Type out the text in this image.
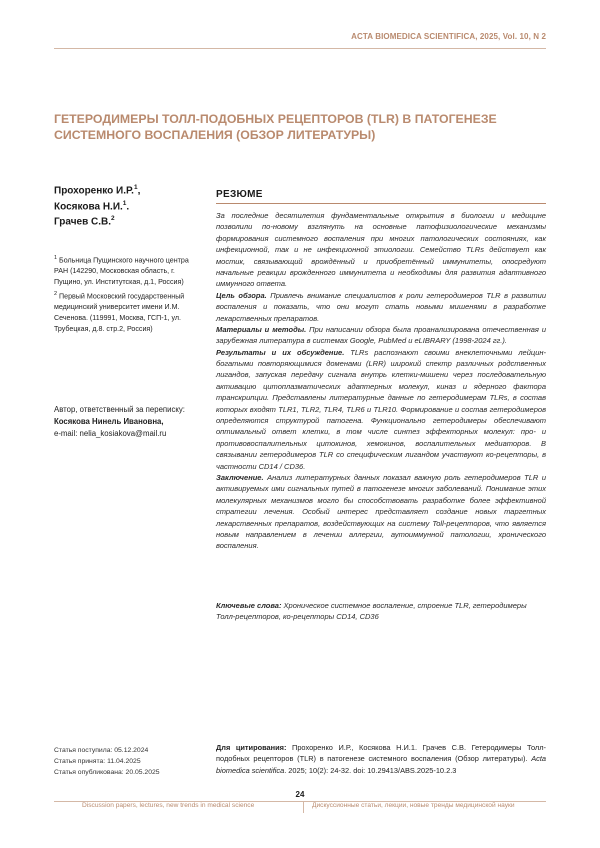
ACTA BIOMEDICA SCIENTIFICA, 2025, Vol. 10, N 2
ГЕТЕРОДИМЕРЫ ТОЛЛ-ПОДОБНЫХ РЕЦЕПТОРОВ (TLR) В ПАТОГЕНЕЗЕ
СИСТЕМНОГО ВОСПАЛЕНИЯ (ОБЗОР ЛИТЕРАТУРЫ)
Прохоренко И.Р.1,
Косякова Н.И.1.
Грачев С.В.2

1 Больница Пущинского научного центра РАН (142290, Московская область, г. Пущино, ул. Институтская, д.1, Россия)

2 Первый Московский государственный медицинский университет имени И.М. Сеченова. (119991, Москва, ГСП-1, ул. Трубецкая, д.8. стр.2, Россия)

Автор, ответственный за переписку:
Косякова Нинель Ивановна,
e-mail: nelia_kosiakova@mail.ru
РЕЗЮМЕ

За последние десятилетия фундаментальные открытия в биологии и медицине позволили по-новому взглянуть на основные патофизиологические механизмы формирования системного воспаления при многих патологических состояниях, как инфекционной, так и не инфекционной этиологии. Семейство TLRs действует как мостик, связывающий врождённый и приобретённый иммунитеты, опосредуют начальные реакции врожденного иммунитета и необходимы для развития адаптивного иммунного ответа.

Цель обзора. Привлечь внимание специалистов к роли гетеродимеров TLR в развитии воспаления и показать, что они могут стать новыми мишенями в разработке лекарственных препаратов.

Материалы и методы. При написании обзора была проанализирована отечественная и зарубежная литература в системах Google, PubMed и eLIBRARY (1998-2024 гг.).

Результаты и их обсуждение. TLRs распознают своими внеклеточными лейцин-богатыми повторяющимися доменами (LRR) широкий спектр различных родственных лигандов, запуская передачу сигнала внутрь клетки-мишени через последовательную активацию цитоплазматических адаптерных молекул, киназ и ядерного фактора транскрипции. Представлены литературные данные по гетеродимерам TLRs, в состав которых входят TLR1, TLR2, TLR4, TLR6 и TLR10. Формирование и состав гетеродимеров определяются структурой патогена. Функционально гетеродимеры обеспечивают оптимальный ответ клетки, в том числе синтез эффекторных молекул: про- и противовоспалительных цитокинов, хемокинов, воспалительных медиаторов. В связывании гетеродимеров TLR со специфическим лигандом участвуют ко-рецепторы, в частности CD14 / CD36.

Заключение. Анализ литературных данных показал важную роль гетеродимеров TLR и активируемых ими сигнальных путей в патогенезе многих заболеваний. Понимание этих молекулярных механизмов могло бы способствовать разработке более эффективной стратегии лечения. Особый интерес представляет создание новых таргетных лекарственных препаратов, воздействующих на систему Toll-рецепторов, что является новым направлением в лечении аллергии, аутоиммунной патологии, хронического воспаления.

Ключевые слова: Хроническое системное воспаление, строение TLR, гетеродимеры Толл-рецепторов, ко-рецепторы CD14, CD36
Статья поступила: 05.12.2024
Статья принята: 11.04.2025
Статья опубликована: 20.05.2025
Для цитирования: Прохоренко И.Р., Косякова Н.И.1. Грачев С.В. Гетеродимеры Толл-подобных рецепторов (TLR) в патогенезе системного воспаления (Обзор литературы). Acta biomedica scientifica. 2025; 10(2): 24-32. doi: 10.29413/ABS.2025-10.2.3
24
Discussion papers, lectures, new trends in medical science	Дискуссионные статьи, лекции, новые тренды медицинской науки
